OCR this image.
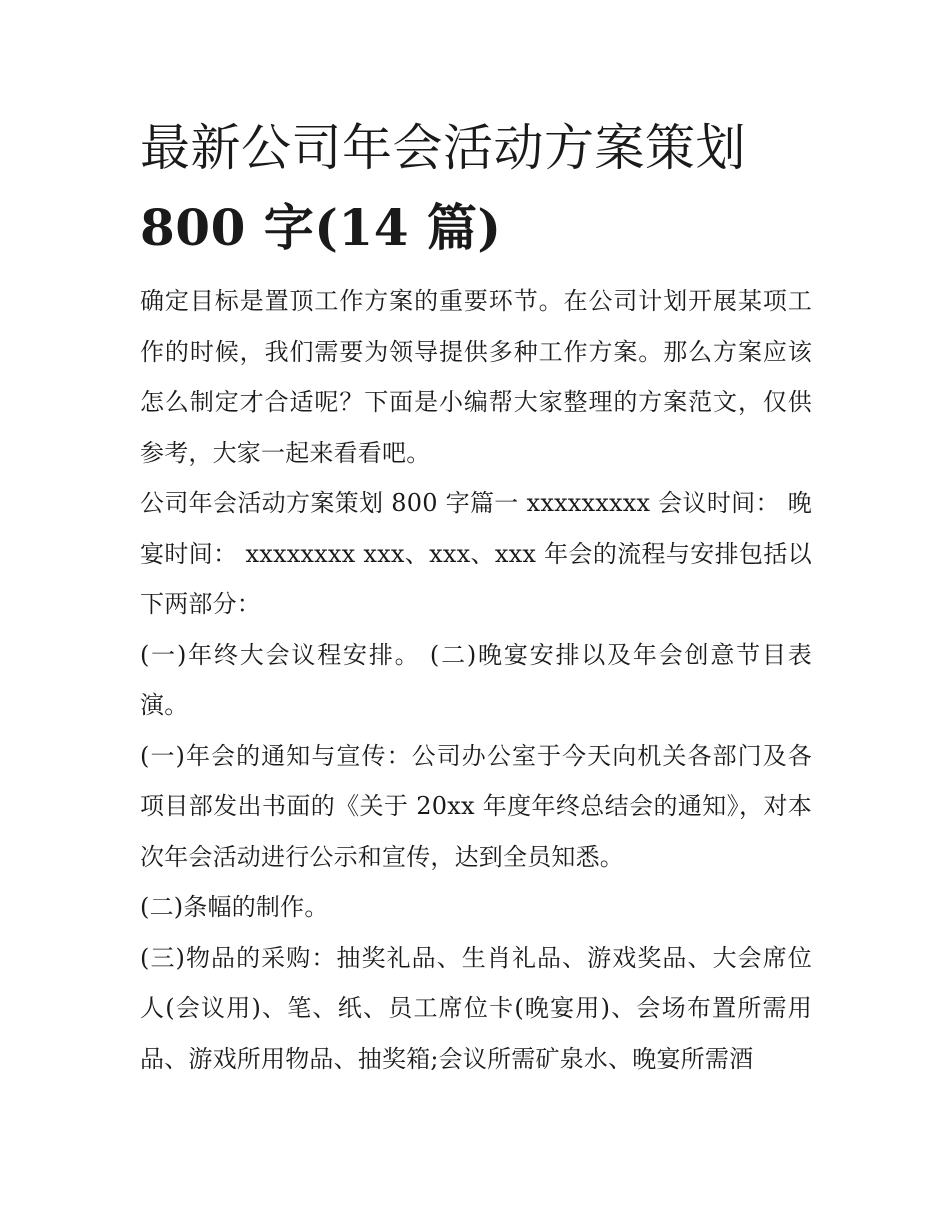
最新公司年会活动方案策划
800 字(14 篇)

确定目标是置顶工作方案的重要环节。在公司计划开展某项工作的时候，我们需要为领导提供多种工作方案。那么方案应该怎么制定才合适呢？下面是小编帮大家整理的方案范文，仅供参考，大家一起来看看吧。

公司年会活动方案策划 800 字篇一 xxxxxxxxx 会议时间： 晚宴时间： xxxxxxxx xxx、xxx、xxx 年会的流程与安排包括以下两部分：

(一)年终大会议程安排。 (二)晚宴安排以及年会创意节目表演。

(一)年会的通知与宣传：公司办公室于今天向机关各部门及各项目部发出书面的《关于 20xx 年度年终总结会的通知》，对本次年会活动进行公示和宣传，达到全员知悉。

(二)条幅的制作。

(三)物品的采购：抽奖礼品、生肖礼品、游戏奖品、大会席位人(会议用)、笔、纸、员工席位卡(晚宴用)、会场布置所需用品、游戏所用物品、抽奖箱;会议所需矿泉水、晚宴所需酒
